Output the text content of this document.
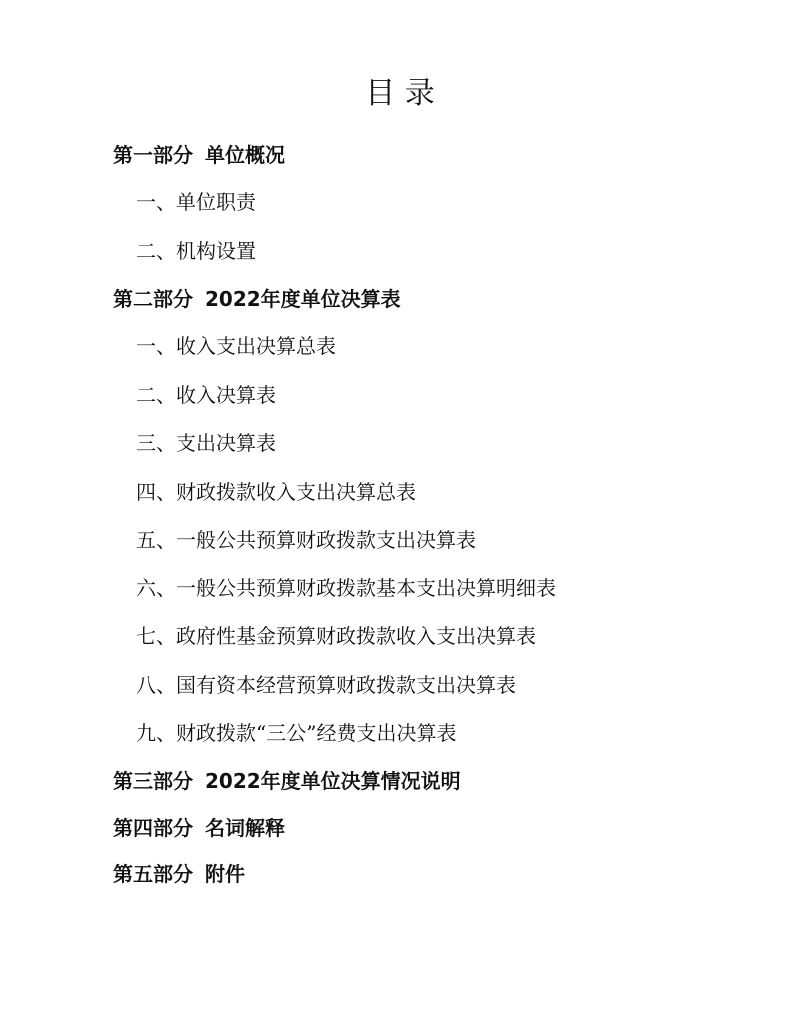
目 录
第一部分 单位概况
一、单位职责
二、机构设置
第二部分 2022年度单位决算表
一、收入支出决算总表
二、收入决算表
三、支出决算表
四、财政拨款收入支出决算总表
五、一般公共预算财政拨款支出决算表
六、一般公共预算财政拨款基本支出决算明细表
七、政府性基金预算财政拨款收入支出决算表
八、国有资本经营预算财政拨款支出决算表
九、财政拨款“三公”经费支出决算表
第三部分 2022年度单位决算情况说明
第四部分 名词解释
第五部分 附件
